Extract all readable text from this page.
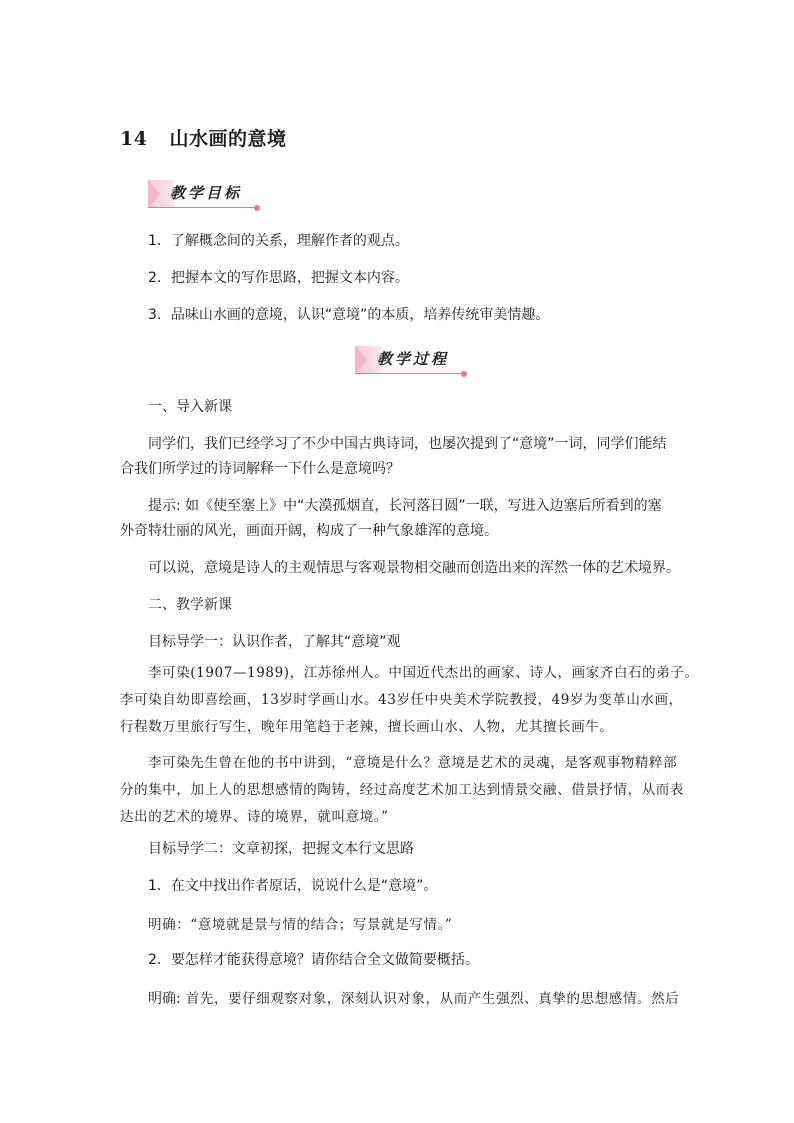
14 山水画的意境
教学目标
1．了解概念间的关系，理解作者的观点。
2．把握本文的写作思路，把握文本内容。
3．品味山水画的意境，认识“意境”的本质，培养传统审美情趣。
教学过程
一、导入新课
同学们，我们已经学习了不少中国古典诗词，也屡次提到了“意境”一词，同学们能结
合我们所学过的诗词解释一下什么是意境吗？
提示: 如《使至塞上》中“大漠孤烟直，长河落日圆”一联，写进入边塞后所看到的塞
外奇特壮丽的风光，画面开阔，构成了一种气象雄浑的意境。
可以说，意境是诗人的主观情思与客观景物相交融而创造出来的浑然一体的艺术境界。
二、教学新课
目标导学一：认识作者，了解其“意境”观
李可染(1907—1989)，江苏徐州人。中国近代杰出的画家、诗人，画家齐白石的弟子。
李可染自幼即喜绘画，13岁时学画山水。43岁任中央美术学院教授，49岁为变革山水画，
行程数万里旅行写生，晚年用笔趋于老辣，擅长画山水、人物，尤其擅长画牛。
李可染先生曾在他的书中讲到，“意境是什么？意境是艺术的灵魂，是客观事物精粹部
分的集中，加上人的思想感情的陶铸，经过高度艺术加工达到情景交融、借景抒情，从而表
达出的艺术的境界、诗的境界，就叫意境。”
目标导学二：文章初探，把握文本行文思路
1．在文中找出作者原话，说说什么是“意境”。
明确：“意境就是景与情的结合；写景就是写情。”
2．要怎样才能获得意境？请你结合全文做简要概括。
明确: 首先，要仔细观察对象，深刻认识对象，从而产生强烈、真挚的思想感情。然后
